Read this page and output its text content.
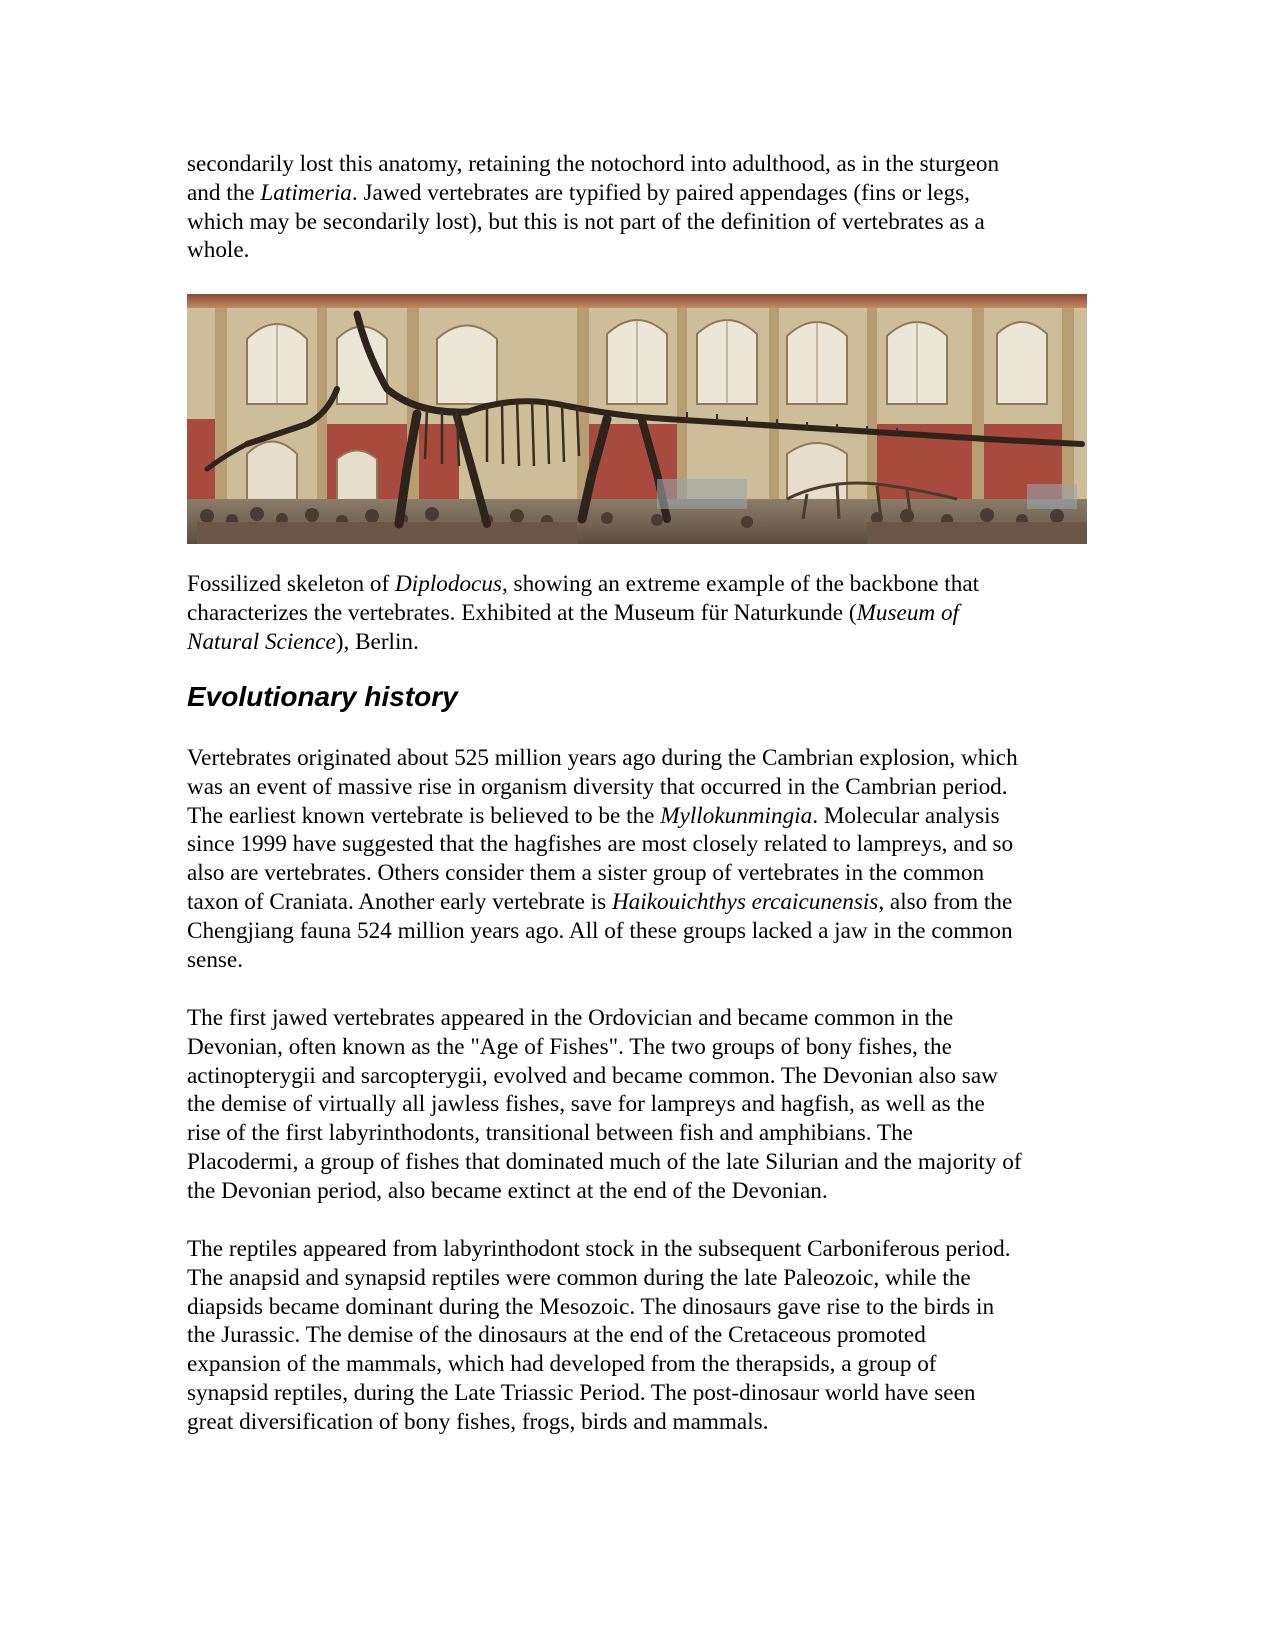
secondarily lost this anatomy, retaining the notochord into adulthood, as in the sturgeon
and the Latimeria. Jawed vertebrates are typified by paired appendages (fins or legs,
which may be secondarily lost), but this is not part of the definition of vertebrates as a
whole.

Fossilized skeleton of Diplodocus, showing an extreme example of the backbone that
characterizes the vertebrates. Exhibited at the Museum für Naturkunde (Museum of
Natural Science), Berlin.

Evolutionary history

Vertebrates originated about 525 million years ago during the Cambrian explosion, which
was an event of massive rise in organism diversity that occurred in the Cambrian period.
The earliest known vertebrate is believed to be the Myllokunmingia. Molecular analysis
since 1999 have suggested that the hagfishes are most closely related to lampreys, and so
also are vertebrates. Others consider them a sister group of vertebrates in the common
taxon of Craniata. Another early vertebrate is Haikouichthys ercaicunensis, also from the
Chengjiang fauna 524 million years ago. All of these groups lacked a jaw in the common
sense.

The first jawed vertebrates appeared in the Ordovician and became common in the
Devonian, often known as the "Age of Fishes". The two groups of bony fishes, the
actinopterygii and sarcopterygii, evolved and became common. The Devonian also saw
the demise of virtually all jawless fishes, save for lampreys and hagfish, as well as the
rise of the first labyrinthodonts, transitional between fish and amphibians. The
Placodermi, a group of fishes that dominated much of the late Silurian and the majority of
the Devonian period, also became extinct at the end of the Devonian.

The reptiles appeared from labyrinthodont stock in the subsequent Carboniferous period.
The anapsid and synapsid reptiles were common during the late Paleozoic, while the
diapsids became dominant during the Mesozoic. The dinosaurs gave rise to the birds in
the Jurassic. The demise of the dinosaurs at the end of the Cretaceous promoted
expansion of the mammals, which had developed from the therapsids, a group of
synapsid reptiles, during the Late Triassic Period. The post-dinosaur world have seen
great diversification of bony fishes, frogs, birds and mammals.
